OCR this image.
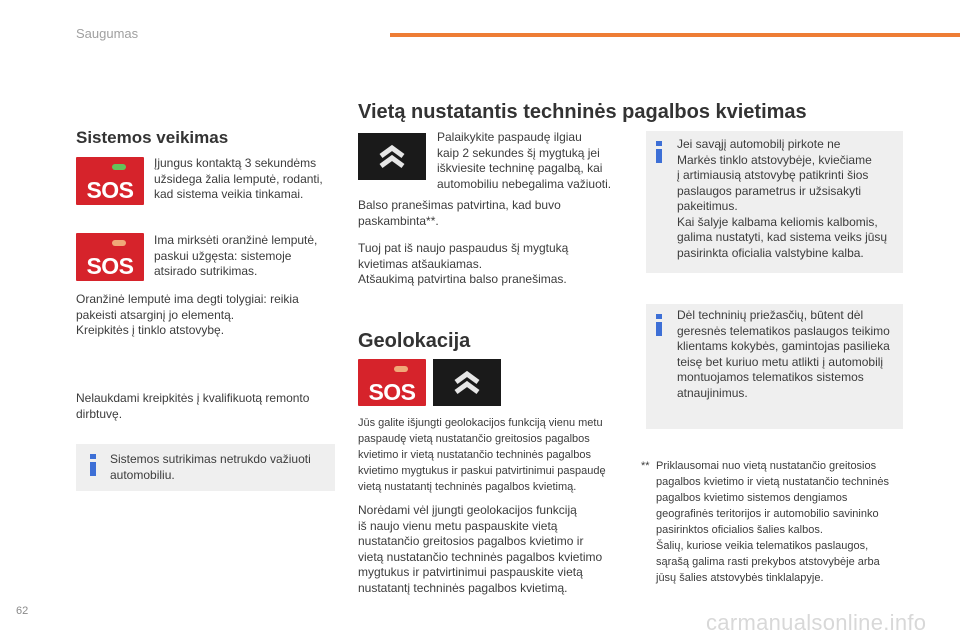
Saugumas
Sistemos veikimas
SOS

Įjungus kontaktą 3 sekundėms

užsidega žalia lemputė, rodanti,

kad sistema veikia tinkamai.

SOS

Ima mirksėti oranžinė lemputė,

paskui užgęsta: sistemoje

atsirado sutrikimas.

Oranžinė lemputė ima degti tolygiai: reikia

pakeisti atsarginį jo elementą.

Kreipkitės į tinklo atstovybę.

Nelaukdami kreipkitės į kvalifikuotą remonto

dirbtuvę.

Sistemos sutrikimas netrukdo važiuoti

automobiliu.

Vietą nustatantis techninės pagalbos kvietimas

Palaikykite paspaudę ilgiau

kaip 2 sekundes šį mygtuką jei

iškviesite techninę pagalbą, kai

automobiliu nebegalima važiuoti.

Balso pranešimas patvirtina, kad buvo

paskambinta**.

Tuoj pat iš naujo paspaudus šį mygtuką

kvietimas atšaukiamas.

Atšaukimą patvirtina balso pranešimas.

Geolokacija
SOS

Jūs galite išjungti geolokacijos funkciją vienu metu

paspaudę vietą nustatančio greitosios pagalbos

kvietimo ir vietą nustatančio techninės pagalbos

kvietimo mygtukus ir paskui patvirtinimui paspaudę

vietą nustatantį techninės pagalbos kvietimą.

Norėdami vėl įjungti geolokacijos funkciją

iš naujo vienu metu paspauskite vietą

nustatančio greitosios pagalbos kvietimo ir

vietą nustatančio techninės pagalbos kvietimo

mygtukus ir patvirtinimui paspauskite vietą

nustatantį techninės pagalbos kvietimą.

Jei savąjį automobilį pirkote ne

Markės tinklo atstovybėje, kviečiame

į artimiausią atstovybę patikrinti šios

paslaugos parametrus ir užsisakyti

pakeitimus.

Kai šalyje kalbama keliomis kalbomis,

galima nustatyti, kad sistema veiks jūsų

pasirinkta oficialia valstybine kalba.

Dėl techninių priežasčių, būtent dėl

geresnės telematikos paslaugos teikimo

klientams kokybės, gamintojas pasilieka

teisę bet kuriuo metu atlikti į automobilį

montuojamos telematikos sistemos

atnaujinimus.

** Priklausomai nuo vietą nustatančio greitosios

pagalbos kvietimo ir vietą nustatančio techninės

pagalbos kvietimo sistemos dengiamos

geografinės teritorijos ir automobilio savininko

pasirinktos oficialios šalies kalbos.

Šalių, kuriose veikia telematikos paslaugos,

sąrašą galima rasti prekybos atstovybėje arba

jūsų šalies atstovybės tinklalapyje.

62	carmanualsonline.info
